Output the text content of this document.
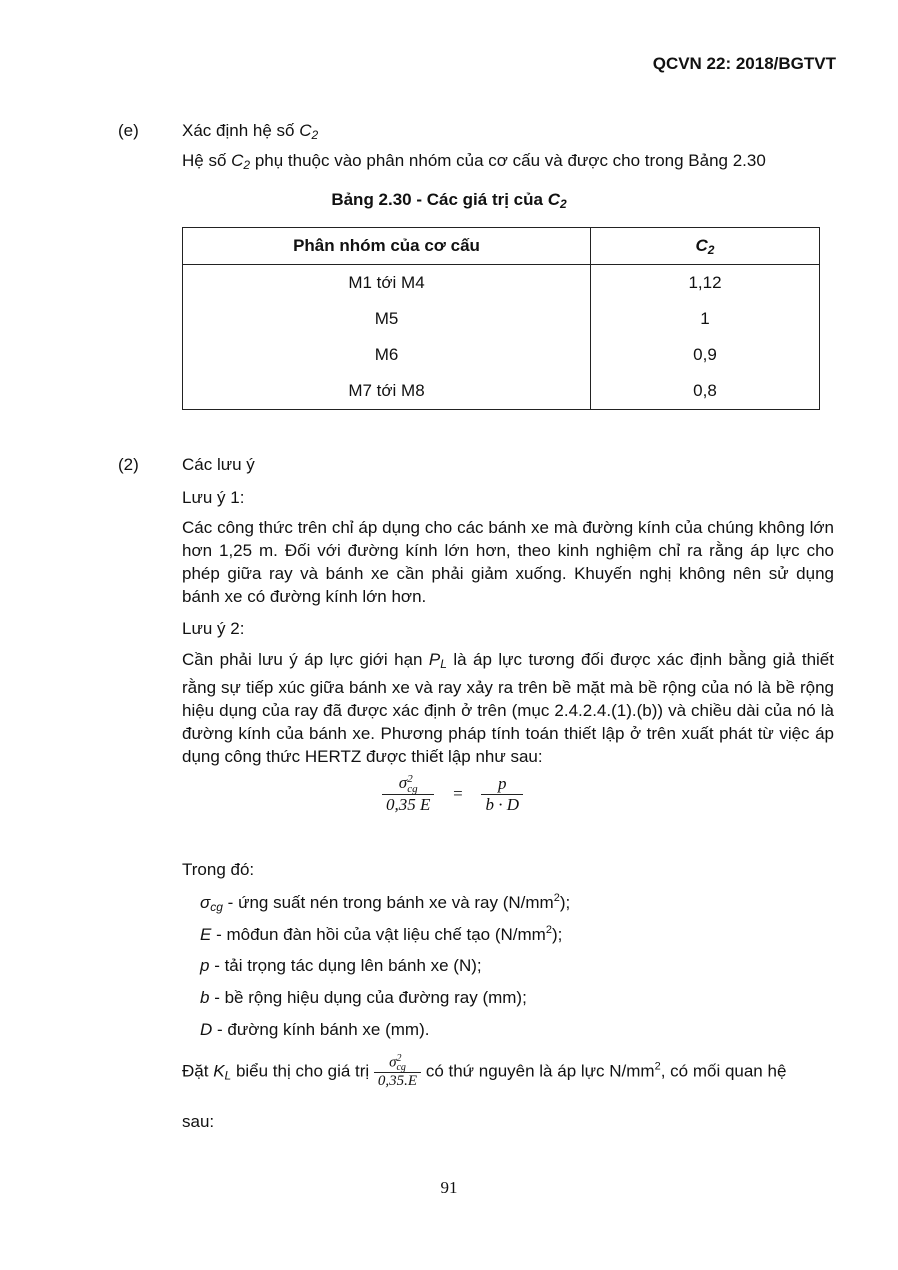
QCVN 22: 2018/BGTVT
(e)	Xác định hệ số $C_2$
Hệ số $C_2$ phụ thuộc vào phân nhóm của cơ cấu và được cho trong Bảng 2.30
Bảng 2.30 - Các giá trị của $C_2$
Phân nhóm của cơ cấu	$C_2$
M1 tới M4	1,12
M5	1
M6	0,9
M7 tới M8	0,8
(2)	Các lưu ý
Lưu ý 1:
Các công thức trên chỉ áp dụng cho các bánh xe mà đường kính của chúng không lớn hơn 1,25 m. Đối với đường kính lớn hơn, theo kinh nghiệm chỉ ra rằng áp lực cho phép giữa ray và bánh xe cần phải giảm xuống. Khuyến nghị không nên sử dụng bánh xe có đường kính lớn hơn.
Lưu ý 2:
Cần phải lưu ý áp lực giới hạn $P_L$ là áp lực tương đối được xác định bằng giả thiết rằng sự tiếp xúc giữa bánh xe và ray xảy ra trên bề mặt mà bề rộng của nó là bề rộng hiệu dụng của ray đã được xác định ở trên (mục 2.4.2.4.(1).(b)) và chiều dài của nó là đường kính của bánh xe. Phương pháp tính toán thiết lập ở trên xuất phát từ việc áp dụng công thức HERTZ được thiết lập như sau:
σ 2
cg
0,35 $E = \frac{p}{b \cdot D}$
Trong đó:
$\sigma_{cg}$ - ứng suất nén trong bánh xe và ray $(N/mm^2)$;
E - môđun đàn hồi của vật liệu chế tạo $(N/mm^2)$;
p - tải trọng tác dụng lên bánh xe (N);
b - bề rộng hiệu dụng của đường ray (mm);
D - đường kính bánh xe (mm).
Đặt $K_L$ biểu thị cho giá trị σ 2
cg
0,35.E có thứ nguyên là áp lực $N/mm^2$, có mối quan hệ
sau:
91
